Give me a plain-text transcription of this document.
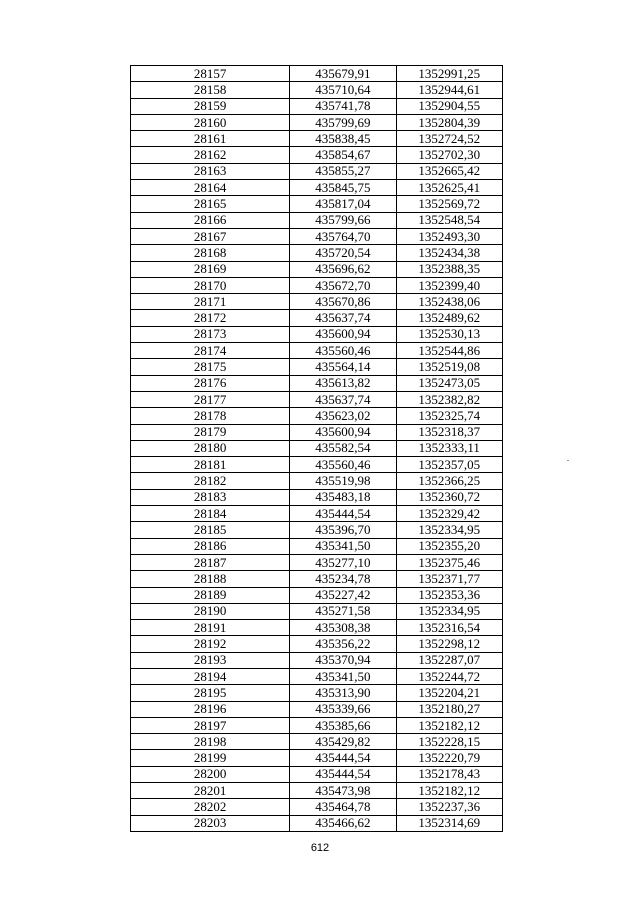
28157	435679,91	1352991,25
28158	435710,64	1352944,61
28159	435741,78	1352904,55
28160	435799,69	1352804,39
28161	435838,45	1352724,52
28162	435854,67	1352702,30
28163	435855,27	1352665,42
28164	435845,75	1352625,41
28165	435817,04	1352569,72
28166	435799,66	1352548,54
28167	435764,70	1352493,30
28168	435720,54	1352434,38
28169	435696,62	1352388,35
28170	435672,70	1352399,40
28171	435670,86	1352438,06
28172	435637,74	1352489,62
28173	435600,94	1352530,13
28174	435560,46	1352544,86
28175	435564,14	1352519,08
28176	435613,82	1352473,05
28177	435637,74	1352382,82
28178	435623,02	1352325,74
28179	435600,94	1352318,37
28180	435582,54	1352333,11
28181	435560,46	1352357,05
28182	435519,98	1352366,25
28183	435483,18	1352360,72
28184	435444,54	1352329,42
28185	435396,70	1352334,95
28186	435341,50	1352355,20
28187	435277,10	1352375,46
28188	435234,78	1352371,77
28189	435227,42	1352353,36
28190	435271,58	1352334,95
28191	435308,38	1352316,54
28192	435356,22	1352298,12
28193	435370,94	1352287,07
28194	435341,50	1352244,72
28195	435313,90	1352204,21
28196	435339,66	1352180,27
28197	435385,66	1352182,12
28198	435429,82	1352228,15
28199	435444,54	1352220,79
28200	435444,54	1352178,43
28201	435473,98	1352182,12
28202	435464,78	1352237,36
28203	435466,62	1352314,69
612
